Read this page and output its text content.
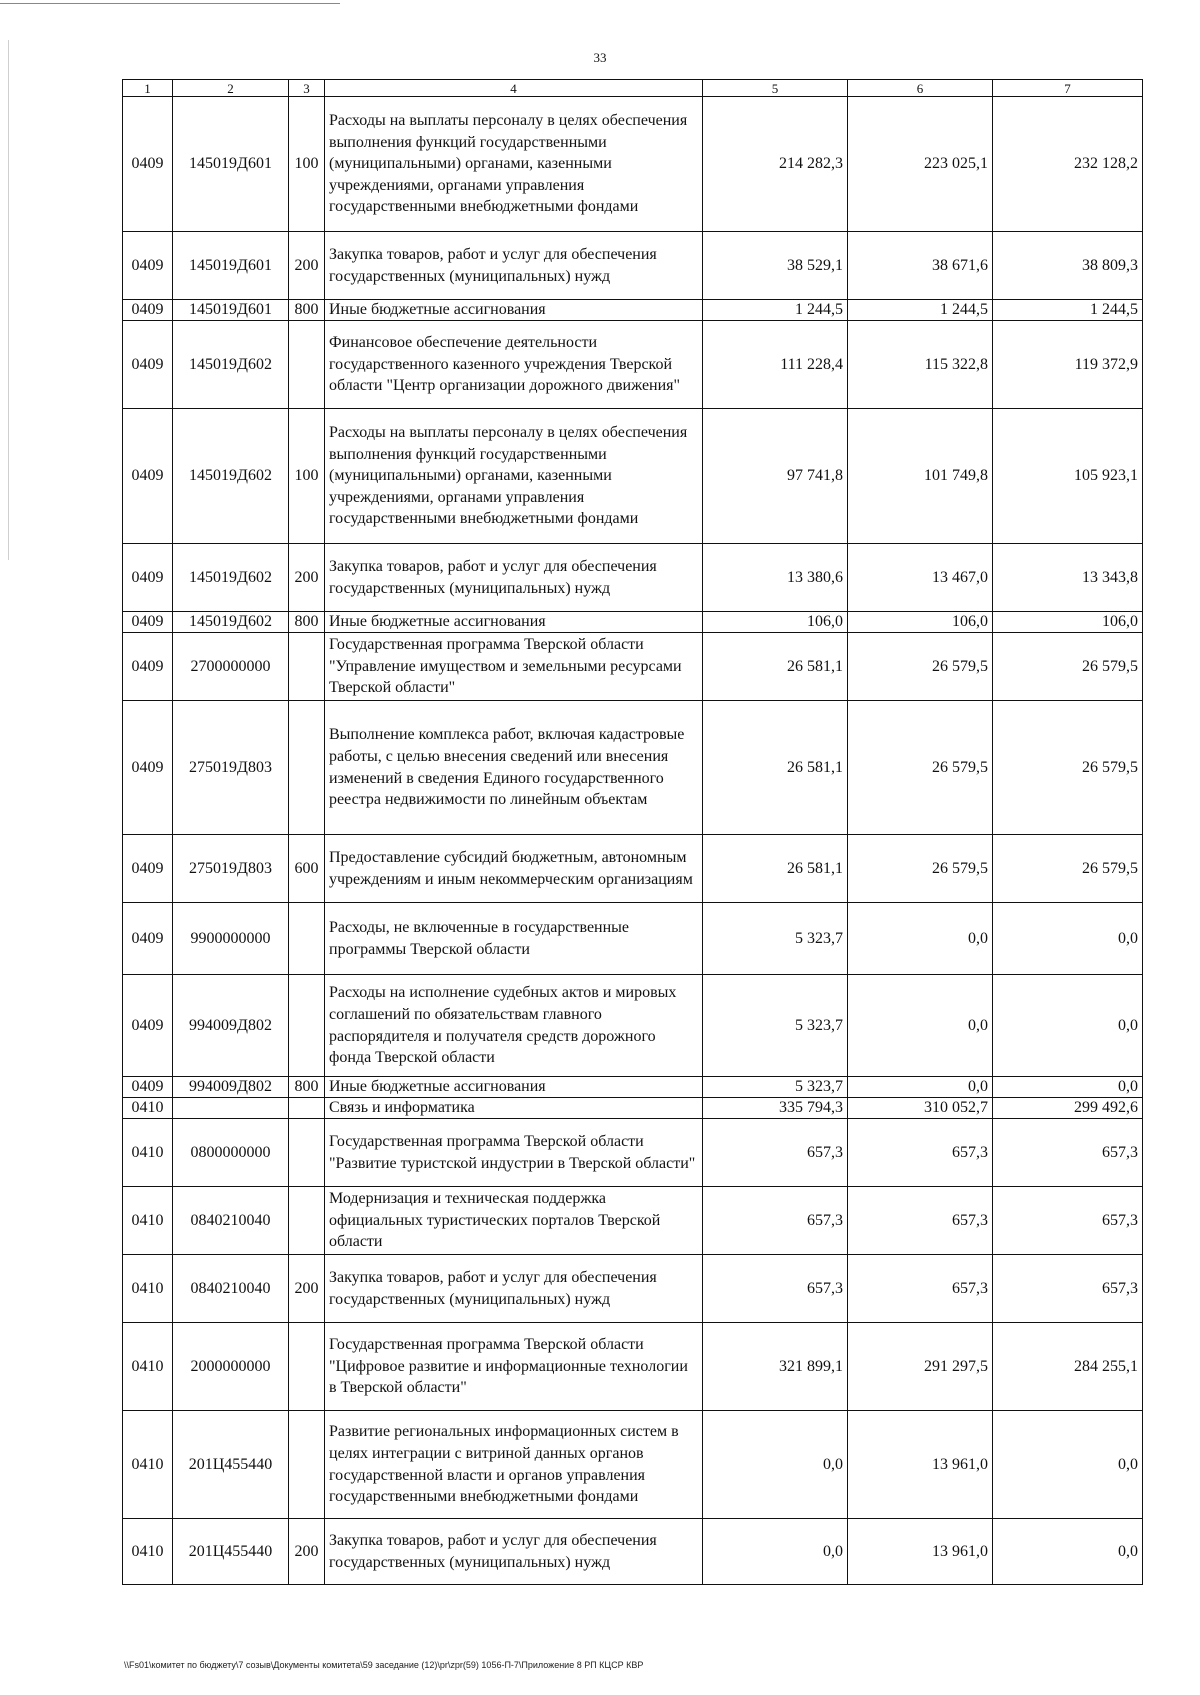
33
1	2	3	4	5	6	7
0409	145019Д601	100	Расходы на выплаты персоналу в целях обеспечения выполнения функций государственными (муниципальными) органами, казенными учреждениями, органами управления государственными внебюджетными фондами	214 282,3	223 025,1	232 128,2
0409	145019Д601	200	Закупка товаров, работ и услуг для обеспечения государственных (муниципальных) нужд	38 529,1	38 671,6	38 809,3
0409	145019Д601	800	Иные бюджетные ассигнования	1 244,5	1 244,5	1 244,5
0409	145019Д602		Финансовое обеспечение деятельности государственного казенного учреждения Тверской области "Центр организации дорожного движения"	111 228,4	115 322,8	119 372,9
0409	145019Д602	100	Расходы на выплаты персоналу в целях обеспечения выполнения функций государственными (муниципальными) органами, казенными учреждениями, органами управления государственными внебюджетными фондами	97 741,8	101 749,8	105 923,1
0409	145019Д602	200	Закупка товаров, работ и услуг для обеспечения государственных (муниципальных) нужд	13 380,6	13 467,0	13 343,8
0409	145019Д602	800	Иные бюджетные ассигнования	106,0	106,0	106,0
0409	2700000000		Государственная программа Тверской области "Управление имуществом и земельными ресурсами Тверской области"	26 581,1	26 579,5	26 579,5
0409	275019Д803		Выполнение комплекса работ, включая кадастровые работы, с целью внесения сведений или внесения изменений в сведения Единого государственного реестра недвижимости по линейным объектам	26 581,1	26 579,5	26 579,5
0409	275019Д803	600	Предоставление субсидий бюджетным, автономным учреждениям и иным некоммерческим организациям	26 581,1	26 579,5	26 579,5
0409	9900000000		Расходы, не включенные в государственные программы Тверской области	5 323,7	0,0	0,0
0409	994009Д802		Расходы на исполнение судебных актов и мировых соглашений по обязательствам главного распорядителя и получателя средств дорожного фонда Тверской области	5 323,7	0,0	0,0
0409	994009Д802	800	Иные бюджетные ассигнования	5 323,7	0,0	0,0
0410			Связь и информатика	335 794,3	310 052,7	299 492,6
0410	0800000000		Государственная программа Тверской области "Развитие туристской индустрии в Тверской области"	657,3	657,3	657,3
0410	0840210040		Модернизация и техническая поддержка официальных туристических порталов Тверской области	657,3	657,3	657,3
0410	0840210040	200	Закупка товаров, работ и услуг для обеспечения государственных (муниципальных) нужд	657,3	657,3	657,3
0410	2000000000		Государственная программа Тверской области "Цифровое развитие и информационные технологии в Тверской области"	321 899,1	291 297,5	284 255,1
0410	201Ц455440		Развитие региональных информационных систем в целях интеграции с витриной данных органов государственной власти и органов управления государственными внебюджетными фондами	0,0	13 961,0	0,0
0410	201Ц455440	200	Закупка товаров, работ и услуг для обеспечения государственных (муниципальных) нужд	0,0	13 961,0	0,0
\\Fs01\комитет по бюджету\7 созыв\Документы комитета\59 заседание (12)\pr\zpr(59) 1056-П-7\Приложение 8 РП КЦСР КВР
